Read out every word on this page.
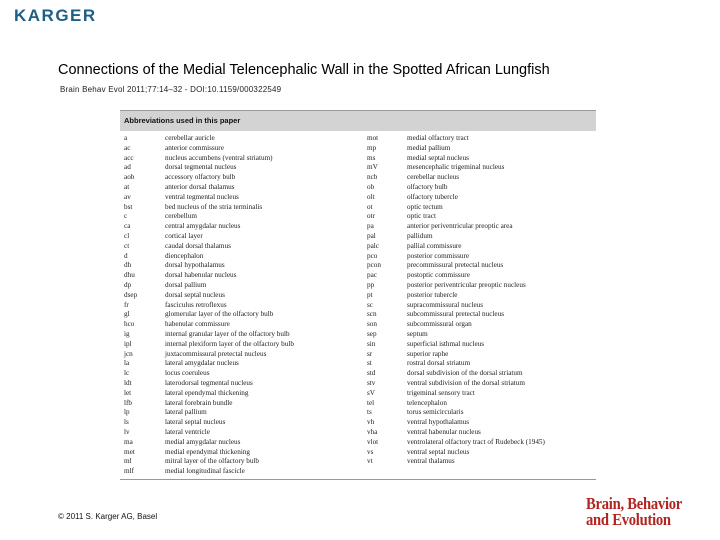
KARGER
Connections of the Medial Telencephalic Wall in the Spotted African Lungfish
Brain Behav Evol 2011;77:14–32 - DOI:10.1159/000322549
Abbreviations used in this paper
a	cerebellar auricle	mot	medial olfactory tract
ac	anterior commissure	mp	medial pallium
acc	nucleus accumbens (ventral striatum)	ms	medial septal nucleus
ad	dorsal tegmental nucleus	mV	mesencephalic trigeminal nucleus
aob	accessory olfactory bulb	ncb	cerebellar nucleus
at	anterior dorsal thalamus	ob	olfactory bulb
av	ventral tegmental nucleus	olt	olfactory tubercle
bst	bed nucleus of the stria terminalis	ot	optic tectum
c	cerebellum	otr	optic tract
ca	central amygdalar nucleus	pa	anterior periventricular preoptic area
cl	cortical layer	pal	pallidum
ct	caudal dorsal thalamus	palc	pallial commissure
d	diencephalon	pco	posterior commissure
dh	dorsal hypothalamus	pcon	precommissural pretectal nucleus
dhu	dorsal habenular nucleus	pac	postoptic commissure
dp	dorsal pallium	pp	posterior periventricular preoptic nucleus
dsep	dorsal septal nucleus	pt	posterior tubercle
fr	fasciculus retroflexus	sc	supracommissural nucleus
gl	glomerular layer of the olfactory bulb	scn	subcommissural pretectal nucleus
hco	habenular commissure	son	subcommissural organ
ig	internal granular layer of the olfactory bulb	sep	septum
ipl	internal plexiform layer of the olfactory bulb	sin	superficial isthmal nucleus
jcn	juxtacommissural pretectal nucleus	sr	superior raphe
la	lateral amygdalar nucleus	st	rostral dorsal striatum
lc	locus coeruleus	std	dorsal subdivision of the dorsal striatum
ldt	laterodorsal tegmental nucleus	stv	ventral subdivision of the dorsal striatum
let	lateral ependymal thickening	sV	trigeminal sensory tract
lfb	lateral forebrain bundle	tel	telencephalon
lp	lateral pallium	ts	torus semicircularis
ls	lateral septal nucleus	vh	ventral hypothalamus
lv	lateral ventricle	vha	ventral habenular nucleus
ma	medial amygdalar nucleus	vlot	ventrolateral olfactory tract of Rudebeck (1945)
met	medial ependymal thickening	vs	ventral septal nucleus
ml	mitral layer of the olfactory bulb	vt	ventral thalamus
mlf	medial longitudinal fascicle
© 2011 S. Karger AG, Basel
Brain, Behavior
and Evolution
